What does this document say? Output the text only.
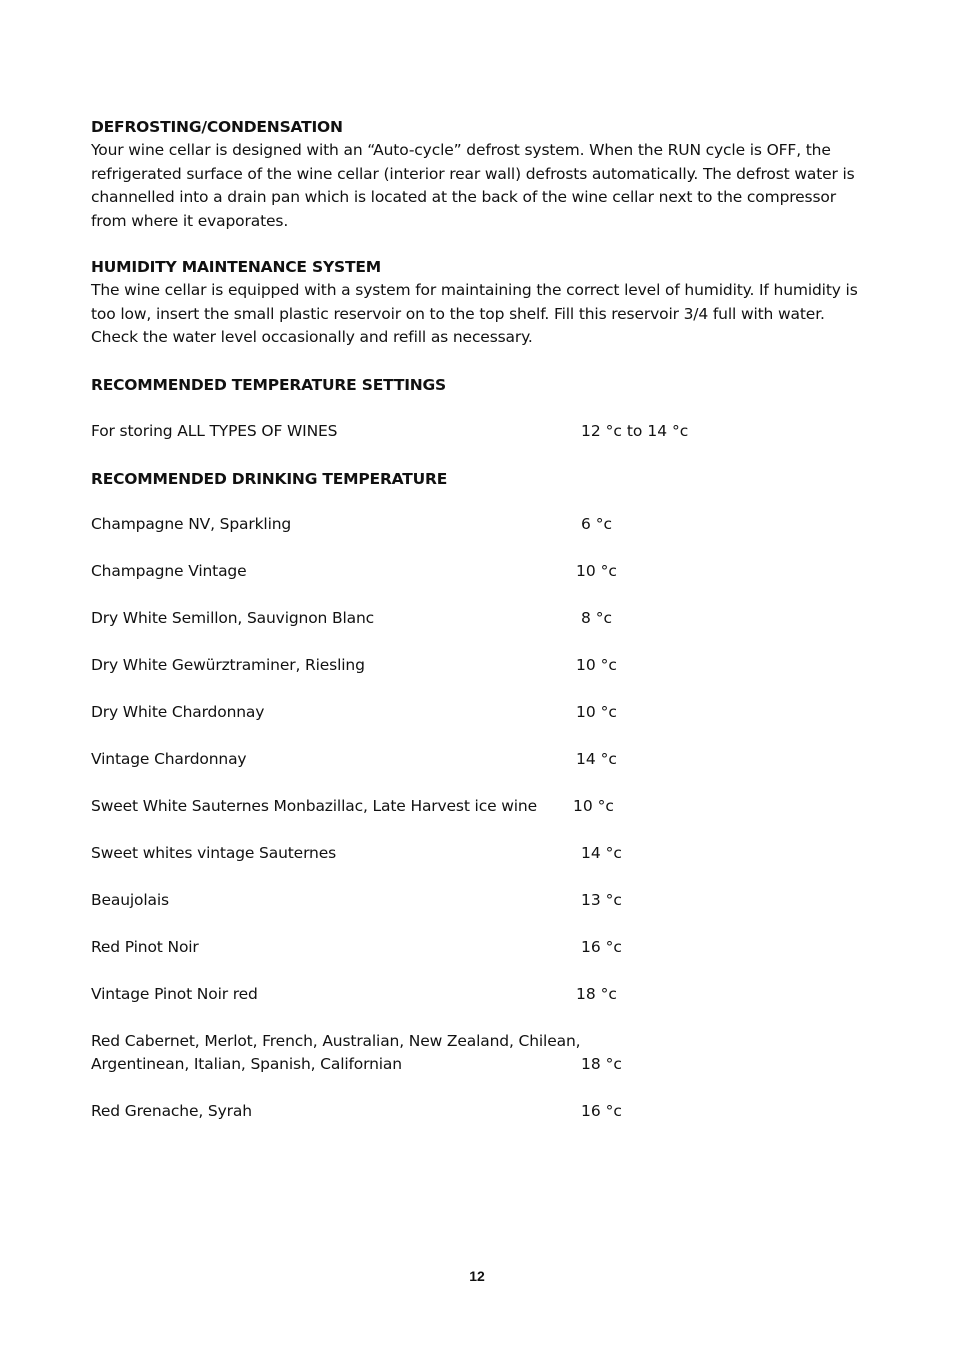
DEFROSTING/CONDENSATION

Your wine cellar is designed with an “Auto-cycle” defrost system. When the RUN cycle is OFF, the refrigerated surface of the wine cellar (interior rear wall) defrosts automatically. The defrost water is channelled into a drain pan which is located at the back of the wine cellar next to the compressor from where it evaporates.

HUMIDITY MAINTENANCE SYSTEM

The wine cellar is equipped with a system for maintaining the correct level of humidity. If humidity is too low, insert the small plastic reservoir on to the top shelf. Fill this reservoir 3/4 full with water. Check the water level occasionally and refill as necessary.

RECOMMENDED TEMPERATURE SETTINGS
For storing ALL TYPES OF WINES	12 °c to 14 °c
RECOMMENDED DRINKING TEMPERATURE
Champagne NV, Sparkling	6 °c
Champagne Vintage	10 °c
Dry White Semillon, Sauvignon Blanc	8 °c
Dry White Gewürztraminer, Riesling	10 °c
Dry White Chardonnay	10 °c
Vintage Chardonnay	14 °c
Sweet White Sauternes Monbazillac, Late Harvest ice wine 10 °c
Sweet whites vintage Sauternes	14 °c
Beaujolais	13 °c
Red Pinot Noir	16 °c
Vintage Pinot Noir red	18 °c
Red Cabernet, Merlot, French, Australian, New Zealand, Chilean,
Argentinean, Italian, Spanish, Californian	18 °c
Red Grenache, Syrah	16 °c
12
